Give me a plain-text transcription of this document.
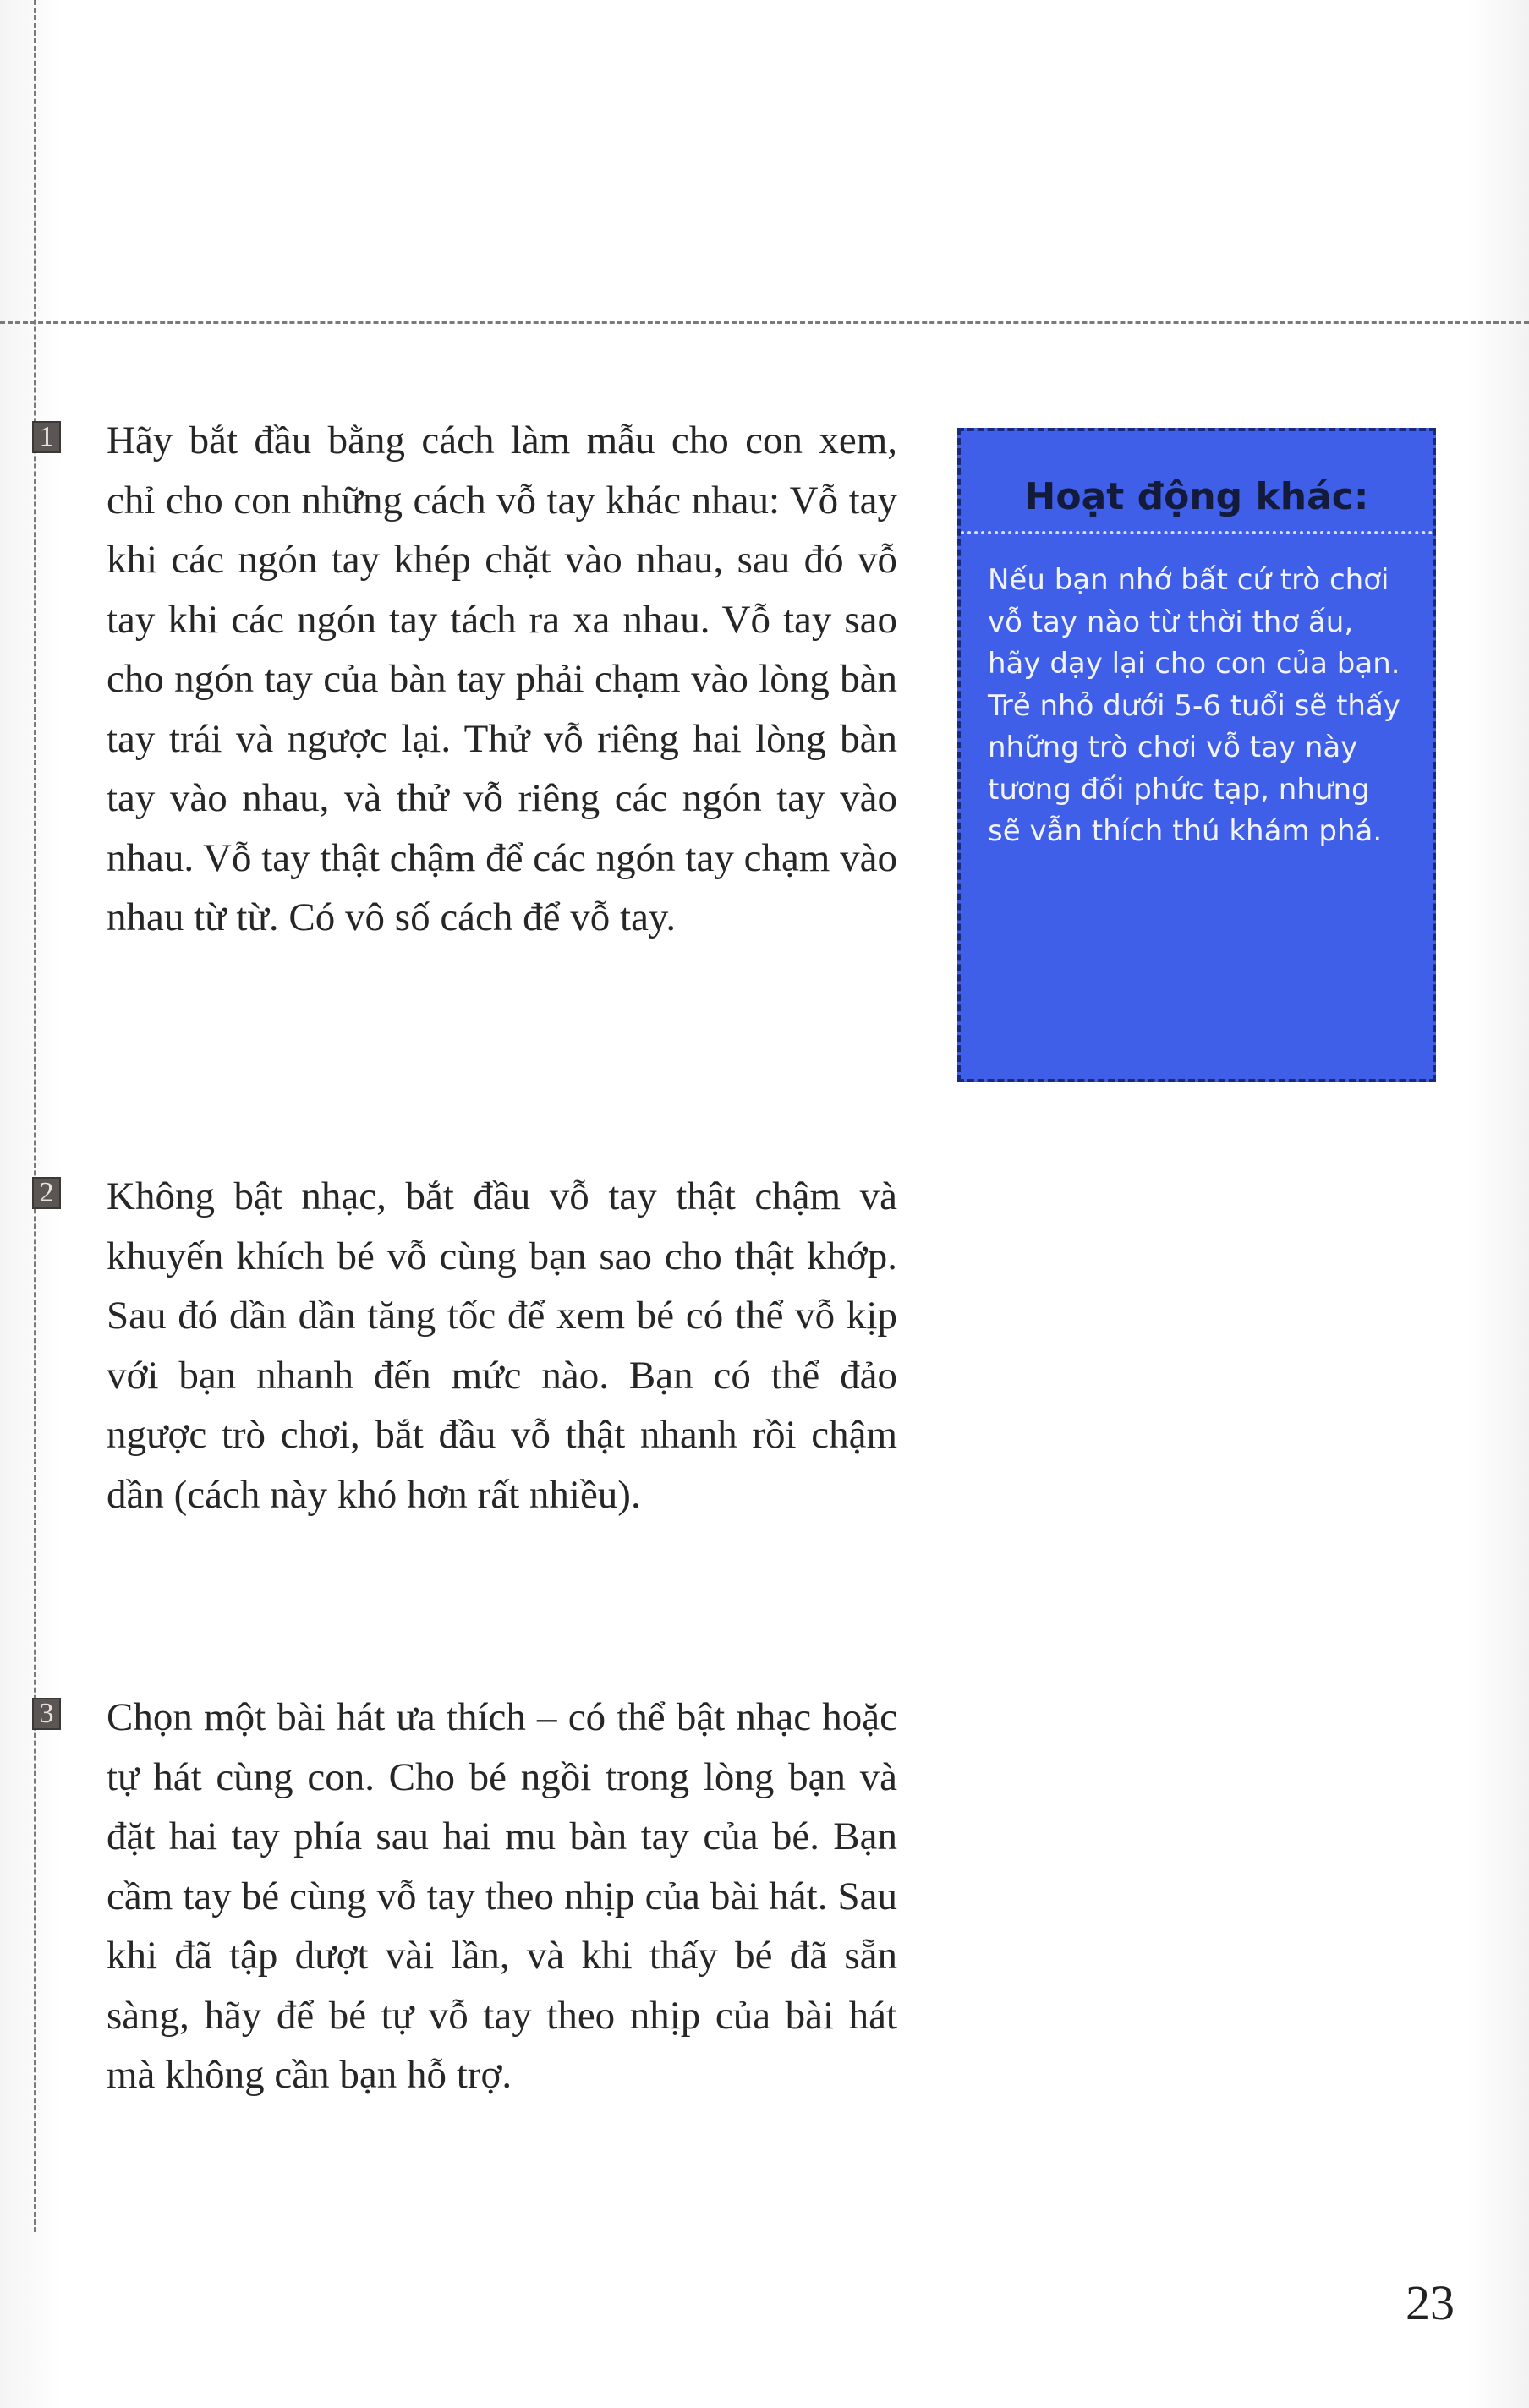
1 Hãy bắt đầu bằng cách làm mẫu cho con xem, chỉ cho con những cách vỗ tay khác nhau: Vỗ tay khi các ngón tay khép chặt vào nhau, sau đó vỗ tay khi các ngón tay tách ra xa nhau. Vỗ tay sao cho ngón tay của bàn tay phải chạm vào lòng bàn tay trái và ngược lại. Thử vỗ riêng hai lòng bàn tay vào nhau, và thử vỗ riêng các ngón tay vào nhau. Vỗ tay thật chậm để các ngón tay chạm vào nhau từ từ. Có vô số cách để vỗ tay.

2 Không bật nhạc, bắt đầu vỗ tay thật chậm và khuyến khích bé vỗ cùng bạn sao cho thật khớp. Sau đó dần dần tăng tốc để xem bé có thể vỗ kịp với bạn nhanh đến mức nào. Bạn có thể đảo ngược trò chơi, bắt đầu vỗ thật nhanh rồi chậm dần (cách này khó hơn rất nhiều).

3 Chọn một bài hát ưa thích – có thể bật nhạc hoặc tự hát cùng con. Cho bé ngồi trong lòng bạn và đặt hai tay phía sau hai mu bàn tay của bé. Bạn cầm tay bé cùng vỗ tay theo nhịp của bài hát. Sau khi đã tập dượt vài lần, và khi thấy bé đã sẵn sàng, hãy để bé tự vỗ tay theo nhịp của bài hát mà không cần bạn hỗ trợ.

Hoạt động khác:

Nếu bạn nhớ bất cứ trò chơi vỗ tay nào từ thời thơ ấu, hãy dạy lại cho con của bạn. Trẻ nhỏ dưới 5-6 tuổi sẽ thấy những trò chơi vỗ tay này tương đối phức tạp, nhưng sẽ vẫn thích thú khám phá.

23
